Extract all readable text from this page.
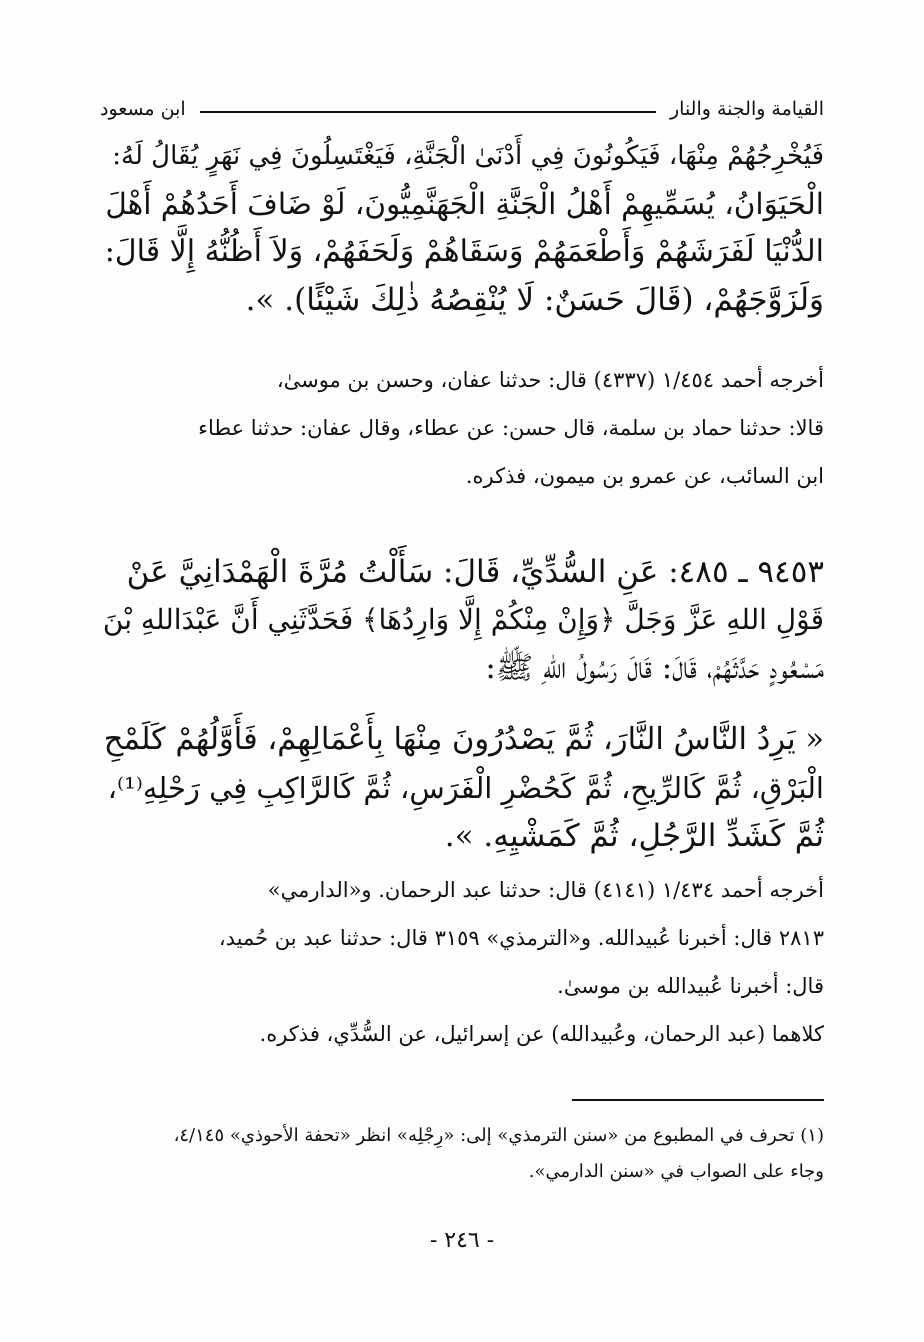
القيامة والجنة والنار
ابن مسعود
فَيُخْرِجُهُمْ مِنْهَا، فَيَكُونُونَ فِي أَدْنَىٰ الْجَنَّةِ، فَيَغْتَسِلُونَ فِي نَهَرٍ يُقَالُ لَهُ:
الْحَيَوَانُ، يُسَمِّيهِمْ أَهْلُ الْجَنَّةِ الْجَهَنَّمِيُّونَ، لَوْ ضَافَ أَحَدُهُمْ أَهْلَ
الدُّنْيَا لَفَرَشَهُمْ وَأَطْعَمَهُمْ وَسَقَاهُمْ وَلَحَفَهُمْ، وَلاَ أَظُنُّهُ إِلَّا قَالَ:
وَلَزَوَّجَهُمْ، (قَالَ حَسَنٌ: لَا يُنْقِصُهُ ذٰلِكَ شَيْئًا). ».
أخرجه أحمد ١/٤٥٤ (٤٣٣٧) قال: حدثنا عفان، وحسن بن موسىٰ،
قالا: حدثنا حماد بن سلمة، قال حسن: عن عطاء، وقال عفان: حدثنا عطاء
ابن السائب، عن عمرو بن ميمون، فذكره.
٩٤٥٣ ـ ٤٨٥: عَنِ السُّدِّيِّ، قَالَ: سَأَلْتُ مُرَّةَ الْهَمْدَانِيَّ عَنْ
قَوْلِ اللهِ عَزَّ وَجَلَّ ﴿وَإِنْ مِنْكُمْ إِلَّا وَارِدُهَا﴾ فَحَدَّثَنِي أَنَّ عَبْدَاللهِ بْنَ
مَسْعُودٍ حَدَّثَهُمْ، قَالَ: قَالَ رَسُولُ اللهِ ﷺ:
« يَرِدُ النَّاسُ النَّارَ، ثُمَّ يَصْدُرُونَ مِنْهَا بِأَعْمَالِهِمْ، فَأَوَّلُهُمْ كَلَمْحِ
الْبَرْقِ، ثُمَّ كَالرِّيحِ، ثُمَّ كَحُضْرِ الْفَرَسِ، ثُمَّ كَالرَّاكِبِ فِي رَحْلِهِ⁽¹⁾،
ثُمَّ كَشَدِّ الرَّجُلِ، ثُمَّ كَمَشْيِهِ. ».
أخرجه أحمد ١/٤٣٤ (٤١٤١) قال: حدثنا عبد الرحمان. و«الدارمي»
٢٨١٣ قال: أخبرنا عُبيدالله. و«الترمذي» ٣١٥٩ قال: حدثنا عبد بن حُميد،
قال: أخبرنا عُبيدالله بن موسىٰ.
كلاهما (عبد الرحمان، وعُبيدالله) عن إسرائيل، عن السُّدِّي، فذكره.
(١) تحرف في المطبوع من «سنن الترمذي» إلى: «رِجْلِه» انظر «تحفة الأحوذي» ٤/١٤٥،
وجاء على الصواب في «سنن الدارمي».
- ٢٤٦ -
